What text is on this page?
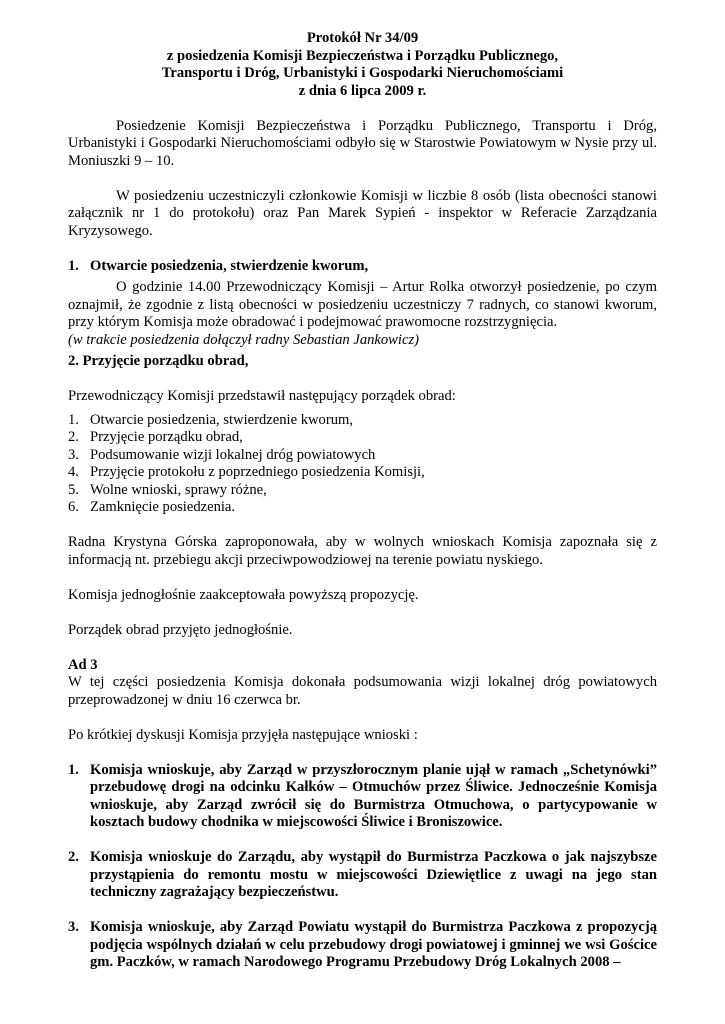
Protokół Nr 34/09
z posiedzenia Komisji Bezpieczeństwa i Porządku Publicznego,
Transportu i Dróg, Urbanistyki i Gospodarki Nieruchomościami
z dnia 6 lipca 2009 r.

Posiedzenie Komisji Bezpieczeństwa i Porządku Publicznego, Transportu i Dróg, Urbanistyki i Gospodarki Nieruchomościami odbyło się w Starostwie Powiatowym w Nysie przy ul. Moniuszki 9 – 10.

W posiedzeniu uczestniczyli członkowie Komisji w liczbie 8 osób (lista obecności stanowi załącznik nr 1 do protokołu) oraz Pan Marek Sypień - inspektor w Referacie Zarządzania Kryzysowego.

1. Otwarcie posiedzenia, stwierdzenie kworum,

O godzinie 14.00 Przewodniczący Komisji – Artur Rolka otworzył posiedzenie, po czym oznajmił, że zgodnie z listą obecności w posiedzeniu uczestniczy 7 radnych, co stanowi kworum, przy którym Komisja może obradować i podejmować prawomocne rozstrzygnięcia.

(w trakcie posiedzenia dołączył radny Sebastian Jankowicz)

2. Przyjęcie porządku obrad,

Przewodniczący Komisji przedstawił następujący porządek obrad:

1. Otwarcie posiedzenia, stwierdzenie kworum,
2. Przyjęcie porządku obrad,
3. Podsumowanie wizji lokalnej dróg powiatowych
4. Przyjęcie protokołu z poprzedniego posiedzenia Komisji,
5. Wolne wnioski, sprawy różne,
6. Zamknięcie posiedzenia.

Radna Krystyna Górska zaproponowała, aby w wolnych wnioskach Komisja zapoznała się z informacją nt. przebiegu akcji przeciwpowodziowej na terenie powiatu nyskiego.

Komisja jednogłośnie zaakceptowała powyższą propozycję.

Porządek obrad przyjęto jednogłośnie.

Ad 3

W tej części posiedzenia Komisja dokonała podsumowania wizji lokalnej dróg powiatowych przeprowadzonej w dniu 16 czerwca br.

Po krótkiej dyskusji Komisja przyjęła następujące wnioski :

1. Komisja wnioskuje, aby Zarząd w przyszłorocznym planie ujął w ramach „Schetynówki” przebudowę drogi na odcinku Kałków – Otmuchów przez Śliwice. Jednocześnie Komisja wnioskuje, aby Zarząd zwrócił się do Burmistrza Otmuchowa, o partycypowanie w kosztach budowy chodnika w miejscowości Śliwice i Broniszowice.
2. Komisja wnioskuje do Zarządu, aby wystąpił do Burmistrza Paczkowa o jak najszybsze przystąpienia do remontu mostu w miejscowości Dziewiętlice z uwagi na jego stan techniczny zagrażający bezpieczeństwu.
3. Komisja wnioskuje, aby Zarząd Powiatu wystąpił do Burmistrza Paczkowa z propozycją podjęcia wspólnych działań w celu przebudowy drogi powiatowej i gminnej we wsi Gościce gm. Paczków, w ramach Narodowego Programu Przebudowy Dróg Lokalnych 2008 –
